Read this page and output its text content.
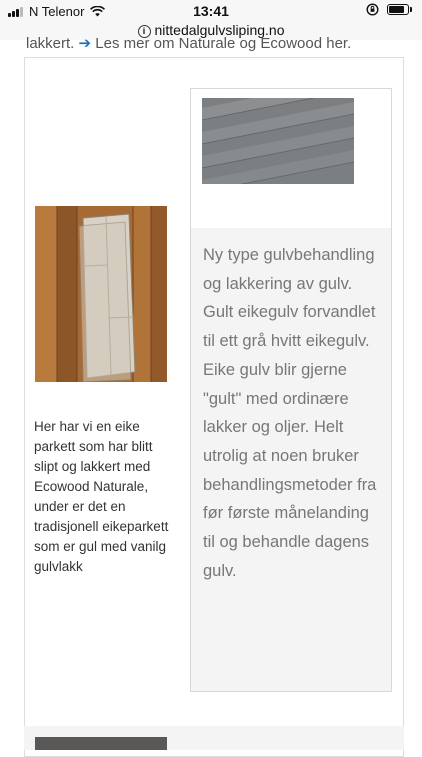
N Telenor	13:41
i nittedalgulvsliping.no
lakkert. ➔ Les mer om Naturale og Ecowood her.
Her har vi en eike parkett som har blitt slipt og lakkert med Ecowood Naturale, under er det en tradisjonell eikeparkett som er gul med vanilg gulvlakk
Ny type gulvbehandling og lakkering av gulv. Gult eikegulv forvandlet til ett grå hvitt eikegulv. Eike gulv blir gjerne "gult" med ordinære lakker og oljer. Helt utrolig at noen bruker behandlingsmetoder fra før første månelanding til og behandle dagens gulv.
